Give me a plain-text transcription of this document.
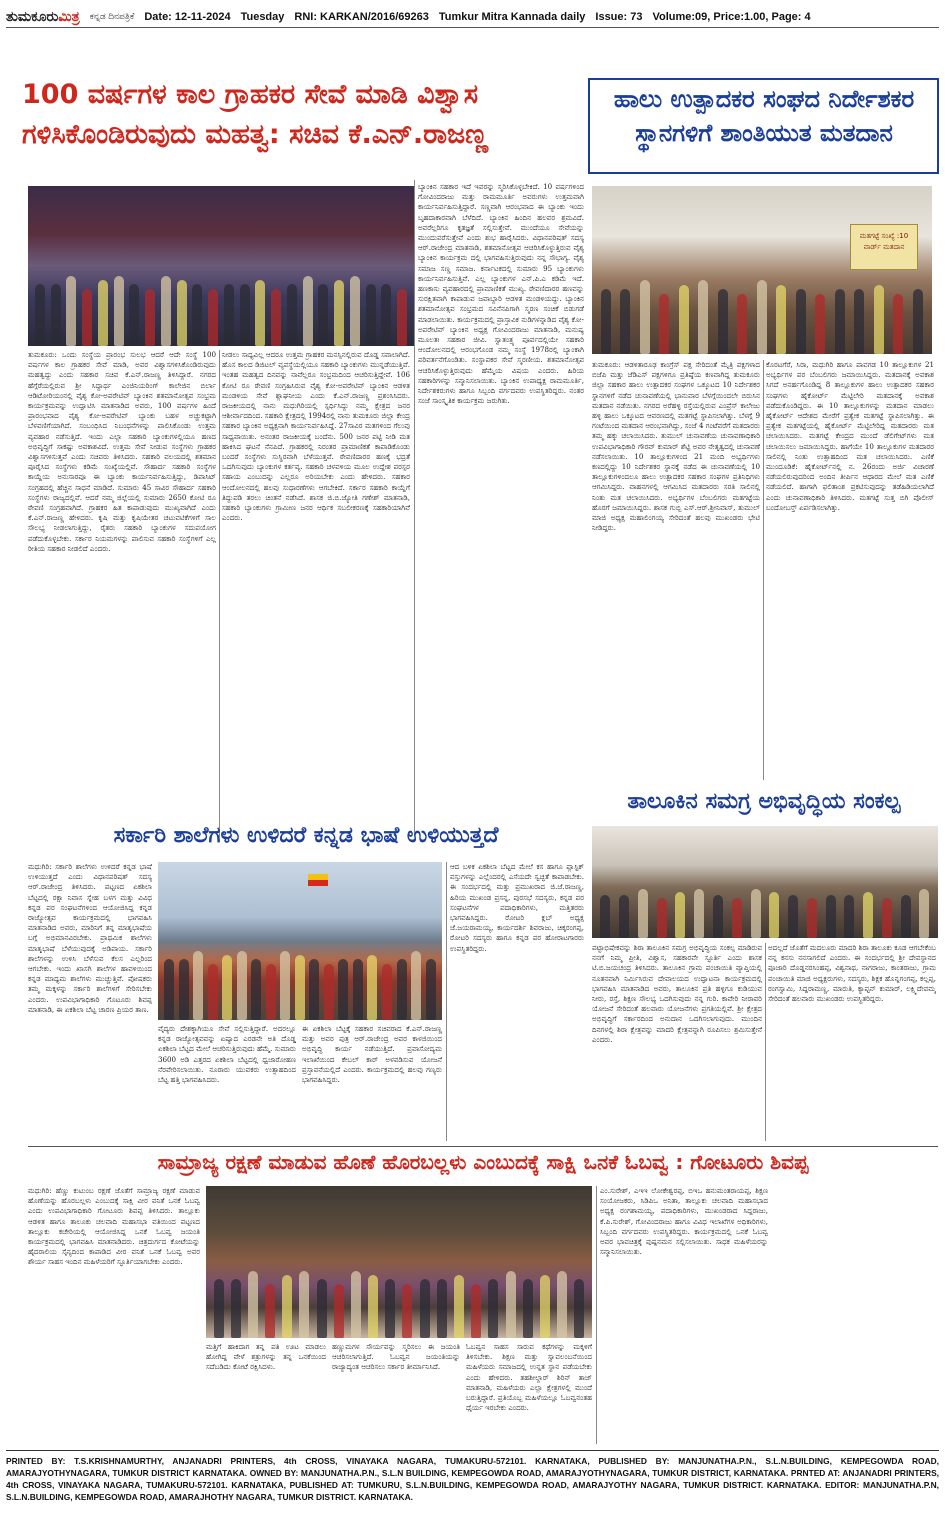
ತುಮಕೂರುಮಿತ್ರ ಕನ್ನಡ ದಿನಪತ್ರಿಕೆ Date: 12-11-2024 Tuesday RNI: KARKAN/2016/69263 Tumkur Mitra Kannada daily Issue: 73 Volume:09, Price:1.00, Page: 4
100 ವರ್ಷಗಳ ಕಾಲ ಗ್ರಾಹಕರ ಸೇವೆ ಮಾಡಿ ವಿಶ್ವಾಸ
ಗಳಿಸಿಕೊಂಡಿರುವುದು ಮಹತ್ವ: ಸಚಿವ ಕೆ.ಎನ್.ರಾಜಣ್ಣ
ಹಾಲು ಉತ್ಪಾದಕರ ಸಂಘದ ನಿರ್ದೇಶಕರ
ಸ್ಥಾನಗಳಿಗೆ ಶಾಂತಿಯುತ ಮತದಾನ
ತುಮಕೂರು: ಒಂದು ಸಂಸ್ಥೆಯ ಪ್ರಾರಂಭ ಸುಲಭ ಆದರೆ ಆದೇ ಸಂಸ್ಥೆ 100 ವರ್ಷಗಳ ಕಾಲ ಗ್ರಾಹಕರ ಸೇವೆ ಮಾಡಿ, ಅವರ ವಿಶ್ವಾಸಗಳಿಸಿಕೊಂಡಿರುವುದು ಮಹತ್ವದ್ದು ಎಂದು ಸಹಕಾರ ಸಚಿವ ಕೆ.ಎನ್.ರಾಜಣ್ಣ ತಿಳಿಸಿದ್ದಾರೆ. ನಗರದ ಹೆಗ್ಗೆರೆಯಲ್ಲಿರುವ ಶ್ರೀ ಸಿದ್ದಾರ್ಥ ಎಂಜಿನಿಯರಿಂಗ್ ಕಾಲೇಜಿನ ಬಿರ್ಲಾ ಆಡಿಟೋರಿಯಂನಲ್ಲಿ ವೈಶ್ಯ ಕೋ-ಅಪರೇಟಿವ್ ಬ್ಯಾಂಕಿನ ಶತಮಾನೋತ್ಸವ ಸಂಭ್ರಮ ಕಾರ್ಯಕ್ರಮವನ್ನು ಉದ್ಘಾಟಿಸಿ ಮಾತನಾಡಿದ ಅವರು, 100 ವರ್ಷಗಳ ಹಿಂದೆ ಪ್ರಾರಂಭವಾದ ವೈಶ್ಯ ಕೋ-ಅಪರೇಟಿವ್ ಬ್ಯಾಂಕು ಬಹಳ ಅಚ್ಚುಕಟ್ಟಾಗಿ ಬೆಳವಣಿಗೆಯಾಗಿದೆ. ಸಂಬಂಧಿಸಿದ ನಿಬಂಧನೆಗಳನ್ನು ಪಾಲಿಸಿಕೊಂಡು ಉತ್ತಮ ವ್ಯವಹಾರ ನಡೆಸುತ್ತಿದೆ. ಇಂದು ಎಲ್ಲಾ ಸಹಕಾರಿ ಬ್ಯಾಂಕುಗಳಲ್ಲಿಯೂ ಹಣದ ಅಭಿವೃದ್ಧಿಗೆ ಸಾಕಷ್ಟು ಅವಕಾಶವಿದೆ. ಉತ್ತಮ ಸೇವೆ ನೀಡುವ ಸಂಸ್ಥೆಗಳು ಗ್ರಾಹಕರ ವಿಶ್ವಾಸಗಳಿಸುತ್ತವೆ ಎಂದು ಸಚಿವರು ತಿಳಿಸಿದರು. ಸಹಕಾರಿ ವಲಯದಲ್ಲಿ ಶತಮಾನ ಪೂರೈಸಿದ ಸಂಸ್ಥೆಗಳು ಕಡಿಮೆ ಸಂಖ್ಯೆಯಲ್ಲಿವೆ. ಸೌಹಾರ್ದ ಸಹಕಾರಿ ಸಂಸ್ಥೆಗಳ ಕಾಯ್ದೆಯ ಅನುಸಾರವೂ ಈ ಬ್ಯಾಂಕು ಕಾರ್ಯನಿರ್ವಹಿಸುತ್ತಿದ್ದು, ಡಿಪಾಸಿಟ್ ಸಂಗ್ರಹದಲ್ಲಿ ಹೆಚ್ಚಿನ ಸಾಧನೆ ಮಾಡಿದೆ. ಸುಮಾರು 45 ಸಾವಿರ ಸೌಹಾರ್ದ ಸಹಕಾರಿ ಸಂಸ್ಥೆಗಳು ರಾಜ್ಯದಲ್ಲಿವೆ. ಆದರೆ ನಮ್ಮ ಜಿಲ್ಲೆಯಲ್ಲಿ ಸುಮಾರು 2650 ಕೋಟಿ ರೂ ಠೇವಣಿ ಸಂಗ್ರಹವಾಗಿದೆ. ಗ್ರಾಹಕರ ಹಿತ ಕಾಪಾಡುವುದು ಮುಖ್ಯವಾಗಿದೆ ಎಂದು ಕೆ.ಎನ್.ರಾಜಣ್ಣ ಹೇಳಿದರು. ಕೃಷಿ ಮತ್ತು ಕೃಷಿಯೇತರ ಚಟುವಟಿಕೆಗಳಿಗೆ ಸಾಲ ಸೌಲಭ್ಯ ನೀಡಲಾಗುತ್ತಿದ್ದು, ರೈತರು ಸಹಕಾರಿ ಬ್ಯಾಂಕುಗಳ ಸದುಪಯೋಗ ಪಡೆದುಕೊಳ್ಳಬೇಕು. ಸರ್ಕಾರ ನಿಯಮಗಳನ್ನು ಪಾಲಿಸುವ ಸಹಕಾರಿ ಸಂಸ್ಥೆಗಳಿಗೆ ಎಲ್ಲ ರೀತಿಯ ಸಹಕಾರ ನೀಡಲಿದೆ ಎಂದರು.
ನೀಡಲು ಸಾಧ್ಯವಿಲ್ಲ ಆದರೂ ಉತ್ತಮ ಗ್ರಾಹಕರ ಮನಸ್ಸಿನಲ್ಲಿರುವ ದೊಡ್ಡ ಸವಾಲಾಗಿದೆ. ಹೊಸ ಕಾಲದ ಡಿಜಿಟಲ್ ವ್ಯವಸ್ಥೆಯಲ್ಲಿಯೂ ಸಹಕಾರಿ ಬ್ಯಾಂಕುಗಳು ಮುನ್ನಡೆಯುತ್ತಿವೆ. ಇಂತಹ ಮಹತ್ವದ ದಿನವನ್ನು ನಾವೆಲ್ಲರೂ ಸಂಭ್ರಮದಿಂದ ಆಚರಿಸುತ್ತಿದ್ದೇವೆ. 106 ಕೋಟಿ ರೂ ಠೇವಣಿ ಸಂಗ್ರಹಿಸಿರುವ ವೈಶ್ಯ ಕೋ-ಅಪರೇಟಿವ್ ಬ್ಯಾಂಕಿನ ಆಡಳಿತ ಮಂಡಳಿಯ ಸೇವೆ ಶ್ಲಾಘನೀಯ ಎಂದು ಕೆ.ಎನ್.ರಾಜಣ್ಣ ಪ್ರಶಂಸಿಸಿದರು. ರಾಜಕೀಯದಲ್ಲಿ ನಾನು ಮಧುಗಿರಿಯಲ್ಲಿ ಸ್ಪರ್ಧಿಸಿದ್ದು ನಮ್ಮ ಕ್ಷೇತ್ರದ ಜನರ ಆಶೀರ್ವಾದದಿಂದ. ಸಹಕಾರಿ ಕ್ಷೇತ್ರದಲ್ಲಿ 1994ರಲ್ಲಿ ನಾನು ತುಮಕೂರು ಜಿಲ್ಲಾ ಕೇಂದ್ರ ಸಹಕಾರ ಬ್ಯಾಂಕಿನ ಅಧ್ಯಕ್ಷನಾಗಿ ಕಾರ್ಯನಿರ್ವಹಿಸಿದ್ದೆ. 27ಸಾವಿರ ಮತಗಳಿಂದ ಗೆಲುವು ಸಾಧ್ಯವಾಯಿತು. ಅನಂತರ ರಾಜಕೀಯಕ್ಕೆ ಬಂದೆನು. 500 ಜನರ ಪಟ್ಟಿ ನೀಡಿ ಮತ ಹಾಕಿಸಿದ ಘಟನೆ ನೆನಪಿದೆ. ಗ್ರಾಹಕರಲ್ಲಿ ನಿರಂತರ ಪ್ರಾಮಾಣಿಕತೆ ಕಾಪಾಡಿಕೊಂಡು ಬಂದರೆ ಸಂಸ್ಥೆಗಳು ಸುಸ್ಥಿರವಾಗಿ ಬೆಳೆಯುತ್ತವೆ. ಠೇವಣಿದಾರರ ಹಣಕ್ಕೆ ಭದ್ರತೆ ಒದಗಿಸುವುದು ಬ್ಯಾಂಕುಗಳ ಕರ್ತವ್ಯ. ಸಹಕಾರಿ ಚಳವಳಿಯ ಮೂಲ ಉದ್ದೇಶ ಪರಸ್ಪರ ಸಹಾಯ ಎಂಬುದನ್ನು ಎಲ್ಲರೂ ಅರಿಯಬೇಕು ಎಂದು ಹೇಳಿದರು. ಸಹಕಾರ ಆಂದೋಲನದಲ್ಲಿ ಹಲವು ಸುಧಾರಣೆಗಳು ಆಗಬೇಕಿದೆ. ಸರ್ಕಾರ ಸಹಕಾರಿ ಕಾಯ್ದೆಗೆ ತಿದ್ದುಪಡಿ ತರಲು ಚಿಂತನೆ ನಡೆಸಿದೆ. ಶಾಸಕ ಜಿ.ಬಿ.ಜ್ಯೋತಿ ಗಣೇಶ್ ಮಾತನಾಡಿ, ಸಹಕಾರಿ ಬ್ಯಾಂಕುಗಳು ಗ್ರಾಮೀಣ ಜನರ ಆರ್ಥಿಕ ಸಬಲೀಕರಣಕ್ಕೆ ಸಹಕಾರಿಯಾಗಿವೆ ಎಂದರು.
ಬ್ಯಾಂಕಿನ ಸಹಕಾರ ಇದೆ ಇವರನ್ನು ಸ್ಮರಿಸಿಕೊಳ್ಳಬೇಕಿದೆ. 10 ವರ್ಷಗಳಿಂದ ಗೋವಿಂದರಾಜು ಮತ್ತು ರಾಮಮೂರ್ತಿ ಅವರುಗಳು ಉತ್ತಮವಾಗಿ ಕಾರ್ಯನಿರ್ವಹಿಸುತ್ತಿದ್ದಾರೆ. ಸಣ್ಣವಾಗಿ ಆರಂಭವಾದ ಈ ಬ್ಯಾಂಕು ಇಂದು ಬೃಹದಾಕಾರವಾಗಿ ಬೆಳೆದಿದೆ. ಬ್ಯಾಂಕಿನ ಹಿಂದಿನ ಹಲವರ ಶ್ರಮವಿದೆ. ಅವರೆಲ್ಲರಿಗೂ ಕೃತಜ್ಞತೆ ಸಲ್ಲಿಸುತ್ತೇವೆ. ಮುಂದೆಯೂ ಸೇವೆಯನ್ನು ಮುಂದುವರೆಸುತ್ತೇವೆ ಎಂದು ಶುಭ ಹಾರೈಸಿದರು. ವಿಧಾನಪರಿಷತ್ ಸದಸ್ಯ ಆರ್.ರಾಜೇಂದ್ರ ಮಾತನಾಡಿ, ಶತಮಾನೋತ್ಸವ ಆಚರಿಸಿಕೊಳ್ಳುತ್ತಿರುವ ವೈಶ್ಯ ಬ್ಯಾಂಕಿನ ಕಾರ್ಯಕ್ರಮ ದಲ್ಲಿ ಭಾಗವಹಿಸುತ್ತಿರುವುದು ನನ್ನ ಸೌಭಾಗ್ಯ. ವೈಶ್ಯ ಸಮಾಜ ಸಣ್ಣ ಸಮಾಜ. ಕರ್ನಾಟಕದಲ್ಲಿ ಸುಮಾರು 95 ಬ್ಯಾಂಕುಗಳು ಕಾರ್ಯನಿರ್ವಹಿಸುತ್ತಿವೆ. ಎಲ್ಲ ಬ್ಯಾಂಕುಗಳ ಎನ್.ಪಿ.ಎ ಕಡಿಮೆ ಇದೆ. ಹಣಕಾಸು ವ್ಯವಹಾರದಲ್ಲಿ ಪ್ರಾಮಾಣಿಕತೆ ಮುಖ್ಯ. ಠೇವಣಿದಾರರ ಹಣವನ್ನು ಸುರಕ್ಷಿತವಾಗಿ ಕಾಪಾಡುವ ಜವಾಬ್ದಾರಿ ಆಡಳಿತ ಮಂಡಳಿಯದ್ದು. ಬ್ಯಾಂಕಿನ ಶತಮಾನೋತ್ಸವ ಸಂಭ್ರಮದ ಸವಿನೆನಪಿಗಾಗಿ ಸ್ಮರಣ ಸಂಚಿಕೆ ಬಿಡುಗಡೆ ಮಾಡಲಾಯಿತು. ಕಾರ್ಯಕ್ರಮದಲ್ಲಿ ಪ್ರಾಸ್ತಾವಿಕ ನುಡಿಗಳನ್ನಾಡಿದ ವೈಶ್ಯ ಕೋ-ಅಪರೇಟಿವ್ ಬ್ಯಾಂಕಿನ ಅಧ್ಯಕ್ಷ ಗೋವಿಂದರಾಜು ಮಾತನಾಡಿ, ಮನುಷ್ಯ ಮೂಲತಃ ಸಹಕಾರ ಜೀವಿ. ಸ್ವಾತಂತ್ರ್ಯ ಪೂರ್ವದಲ್ಲಿಯೇ ಸಹಕಾರಿ ಆಂದೋಲನದಲ್ಲಿ ಆರಂಭಗೊಂಡ ನಮ್ಮ ಸಂಸ್ಥೆ 1978ರಲ್ಲಿ ಬ್ಯಾಂಕಾಗಿ ಪರಿವರ್ತನೆಗೊಂಡಿತು. ಸಂಸ್ಥಾಪಕರ ಸೇವೆ ಸ್ಮರಣೀಯ. ಶತಮಾನೋತ್ಸವ ಆಚರಿಸಿಕೊಳ್ಳುತ್ತಿರುವುದು ಹೆಮ್ಮೆಯ ವಿಷಯ ಎಂದರು. ಹಿರಿಯ ಸಹಕಾರಿಗಳನ್ನು ಸನ್ಮಾನಿಸಲಾಯಿತು. ಬ್ಯಾಂಕಿನ ಉಪಾಧ್ಯಕ್ಷ ರಾಮಮೂರ್ತಿ, ನಿರ್ದೇಶಕರುಗಳು ಹಾಗೂ ಸಿಬ್ಬಂದಿ ವರ್ಗದವರು ಉಪಸ್ಥಿತರಿದ್ದರು. ನಂತರ ಸಂಜೆ ಸಾಂಸ್ಕೃತಿಕ ಕಾರ್ಯಕ್ರಮ ಜರುಗಿತು.
ಮತಗಟ್ಟೆ ಸಂಖ್ಯೆ :10
ವಾರ್ಡ್ ಮತದಾನ
ತುಮಕೂರು: ಆಡಳಿತಾರೂಢ ಕಾಂಗ್ರೆಸ್ ಪಕ್ಷ ಸೇರಿದಂತೆ ಮೈತ್ರಿ ಪಕ್ಷಗಳಾದ ಬಿಜೆಪಿ ಮತ್ತು ಜೆಡಿಎಸ್ ಪಕ್ಷಗಳಿಗೂ ಪ್ರತಿಷ್ಠೆಯ ಕಣವಾಗಿದ್ದ ತುಮಕೂರು ಜಿಲ್ಲಾ ಸಹಕಾರ ಹಾಲು ಉತ್ಪಾದಕರ ಸಂಘಗಳ ಒಕ್ಕೂಟದ 10 ನಿರ್ದೇಶಕರ ಸ್ಥಾನಗಳಿಗೆ ನಡೆದ ಚುನಾವಣೆಯಲ್ಲಿ ಭಾನುವಾರ ಬೆಳಗ್ಗೆಯಿಂದಲೇ ಬಿರುಸಿನ ಮತದಾನ ನಡೆಯಿತು. ನಗರದ ಅರೆಹಳ್ಳಿ ರಸ್ತೆಯಲ್ಲಿರುವ ಎಂಪ್ರೆಸ್ ಕಾಲೇಜು ಹಳ್ಳಿ ಹಾಲು ಒಕ್ಕೂಟದ ಆವರಣದಲ್ಲಿ ಮತಗಟ್ಟೆ ಸ್ಥಾಪಿಸಲಾಗಿತ್ತು. ಬೆಳಗ್ಗೆ 9 ಗಂಟೆಯಿಂದ ಮತದಾನ ಆರಂಭವಾಗಿದ್ದು, ಸಂಜೆ 4 ಗಂಟೆವರೆಗೆ ಮತದಾರರು ತಮ್ಮ ಹಕ್ಕು ಚಲಾಯಿಸಿದರು. ತುಮುಲ್ ಚುನಾವಣೆಯ ಚುನಾವಣಾಧಿಕಾರಿ ಉಪವಿಭಾಗಾಧಿಕಾರಿ ಗೌರವ್ ಕುಮಾರ್ ಶೆಟ್ಟಿ ಅವರ ನೇತೃತ್ವದಲ್ಲಿ ಚುನಾವಣೆ ನಡೆಸಲಾಯಿತು. 10 ತಾಲ್ಲೂಕುಗಳಿಂದ 21 ಮಂದಿ ಅಭ್ಯರ್ಥಿಗಳು ಕಣದಲ್ಲಿದ್ದು 10 ನಿರ್ದೇಶಕರ ಸ್ಥಾನಕ್ಕೆ ನಡೆದ ಈ ಚುನಾವಣೆಯಲ್ಲಿ 10 ತಾಲ್ಲೂಕುಗಳಿಂದಲೂ ಹಾಲು ಉತ್ಪಾದಕರ ಸಹಕಾರ ಸಂಘಗಳ ಪ್ರತಿನಿಧಿಗಳು ಆಗಮಿಸಿದ್ದರು. ವಾಹನಗಳಲ್ಲಿ ಆಗಮಿಸಿದ ಮತದಾರರು ಸರತಿ ಸಾಲಿನಲ್ಲಿ ನಿಂತು ಮತ ಚಲಾಯಿಸಿದರು. ಅಭ್ಯರ್ಥಿಗಳ ಬೆಂಬಲಿಗರು ಮತಗಟ್ಟೆಯ ಹೊರಗೆ ಜಮಾಯಿಸಿದ್ದರು. ಶಾಸಕ ಗುಬ್ಬಿ ಎಸ್.ಆರ್.ಶ್ರೀನಿವಾಸ್, ತುಮುಲ್ ಮಾಜಿ ಅಧ್ಯಕ್ಷ ಮಹಾಲಿಂಗಯ್ಯ ಸೇರಿದಂತೆ ಹಲವು ಮುಖಂಡರು ಭೇಟಿ ನೀಡಿದ್ದರು.
ಕೊರಟಗೆರೆ, ಸಿರಾ, ಮಧುಗಿರಿ ಹಾಗೂ ಪಾವಗಡ 10 ತಾಲ್ಲೂಕುಗಳ 21 ಅಭ್ಯರ್ಥಿಗಳ ಪರ ಬೆಂಬಲಿಗರು ಜಮಾಯಿಸಿದ್ದರು. ಮತದಾನಕ್ಕೆ ಅವಕಾಶ ಸಿಗದೆ ಅನರ್ಹಗೊಂಡಿದ್ದ 8 ತಾಲ್ಲೂಕುಗಳ ಹಾಲು ಉತ್ಪಾದಕರ ಸಹಕಾರ ಸಂಘಗಳು ಹೈಕೋರ್ಟ್ ಮೆಟ್ಟಿಲೇರಿ ಮತದಾನಕ್ಕೆ ಅವಕಾಶ ಪಡೆದುಕೊಂಡಿದ್ದರು. ಈ 10 ತಾಲ್ಲೂಕುಗಳನ್ನು ಮತದಾನ ಮಾಡಲು ಹೈಕೋರ್ಟ್ ಆದೇಶದ ಮೇರೆಗೆ ಪ್ರತ್ಯೇಕ ಮತಗಟ್ಟೆ ಸ್ಥಾಪಿಸಲಾಗಿತ್ತು. ಈ ಪ್ರತ್ಯೇಕ ಮತಗಟ್ಟೆಯಲ್ಲಿ ಹೈಕೋರ್ಟ್ ಮೆಟ್ಟಿಲೇರಿದ್ದ ಮತದಾರರು ಮತ ಚಲಾಯಿಸಿದರು. ಮತಗಟ್ಟೆ ಕೇಂದ್ರದ ಮುಂದೆ ಡೆಲಿಗೇಟ್‌ಗಳು ಮತ ಚಲಾಯಿಸಲು ಜಮಾಯಿಸಿದ್ದರು. ಹಾಗೆಯೇ 10 ತಾಲ್ಲೂಕುಗಳ ಮತದಾರರ ಸಾಲಿನಲ್ಲಿ ನಿಂತು ಉತ್ಸಾಹದಿಂದ ಮತ ಚಲಾಯಿಸಿದರು. ಎಣಿಕೆ ಮುಂದೂಡಿಕೆ: ಹೈಕೋರ್ಟ್‌ನಲ್ಲಿ ನ. 26ರಂದು ಅರ್ಜಿ ವಿಚಾರಣೆ ನಡೆಯಲಿರುವುದರಿಂದ ಅಂದಿನ ತೀರ್ಪಿನ ಆಧಾರದ ಮೇಲೆ ಮತ ಎಣಿಕೆ ನಡೆಯಲಿದೆ. ಹಾಗಾಗಿ ಫಲಿತಾಂಶ ಪ್ರಕಟಿಸುವುದನ್ನು ತಡೆಹಿಡಿಯಲಾಗಿದೆ ಎಂದು ಚುನಾವಣಾಧಿಕಾರಿ ತಿಳಿಸಿದರು. ಮತಗಟ್ಟೆ ಸುತ್ತ ಬಿಗಿ ಪೊಲೀಸ್ ಬಂದೋಬಸ್ತ್ ಏರ್ಪಡಿಸಲಾಗಿತ್ತು.
ತಾಲೂಕಿನ ಸಮಗ್ರ ಅಭಿವೃದ್ಧಿಯ ಸಂಕಲ್ಪ
ಪಟ್ಟಾಭಿಷೇಕವನ್ನು ಶಿರಾ ತಾಲೂಕಿನ ಸಮಗ್ರ ಅಭಿವೃದ್ಧಿಯ ಸಂಕಲ್ಪ ಮಾಡಿರುವ ನನಗೆ ನಿಮ್ಮ ಪ್ರೀತಿ, ವಿಶ್ವಾಸ, ಸಹಕಾರವೇ ಸ್ಫೂರ್ತಿ ಎಂದು ಶಾಸಕ ಟಿ.ಬಿ.ಜಯಚಂದ್ರ ತಿಳಿಸಿದರು. ತಾಲೂಕಿನ ಗ್ರಾಮ ಪಂಚಾಯಿತಿ ವ್ಯಾಪ್ತಿಯಲ್ಲಿ ನೂತನವಾಗಿ ನಿರ್ಮಿಸಿರುವ ದೇವಾಲಯದ ಉದ್ಘಾಟನಾ ಕಾರ್ಯಕ್ರಮದಲ್ಲಿ ಭಾಗವಹಿಸಿ ಮಾತನಾಡಿದ ಅವರು, ತಾಲೂಕಿನ ಪ್ರತಿ ಹಳ್ಳಿಗೂ ಕುಡಿಯುವ ನೀರು, ರಸ್ತೆ, ಶಿಕ್ಷಣ ಸೌಲಭ್ಯ ಒದಗಿಸುವುದು ನನ್ನ ಗುರಿ. ಕಾವೇರಿ ನೀರಾವರಿ ಯೋಜನೆ ಸೇರಿದಂತೆ ಹಲವಾರು ಯೋಜನೆಗಳು ಪ್ರಗತಿಯಲ್ಲಿವೆ. ಶ್ರೀ ಕ್ಷೇತ್ರದ ಅಭಿವೃದ್ಧಿಗೆ ಸರ್ಕಾರದಿಂದ ಅನುದಾನ ಒದಗಿಸಲಾಗುವುದು. ಮುಂದಿನ ದಿನಗಳಲ್ಲಿ ಶಿರಾ ಕ್ಷೇತ್ರವನ್ನು ಮಾದರಿ ಕ್ಷೇತ್ರವನ್ನಾಗಿ ರೂಪಿಸಲು ಶ್ರಮಿಸುತ್ತೇನೆ ಎಂದರು.
ಅದಲ್ಲದೆ ಜೊತೆಗೆ ಮದಲೂರು ಮಾದರಿ ಶಿರಾ ತಾಲೂಕು ಕೂಡ ಆಗಬೇಕೆಂಬ ನನ್ನ ಕನಸು ನನಸಾಗಲಿದೆ ಎಂದರು. ಈ ಸಂದರ್ಭದಲ್ಲಿ ಶ್ರೀ ದೇವಸ್ಥಾನದ ಪೂಜಾರಿ ದೊಡ್ಡನರಸಿಂಹಪ್ಪ, ವಿಶ್ವನಾಥ, ನಾಗರಾಜು, ಕಾಂತರಾಜು, ಗ್ರಾಮ ಪಂಚಾಯಿತಿ ಮಾಜಿ ಅಧ್ಯಕ್ಷರುಗಳು, ಸದಸ್ಯರು, ಶಿಕ್ಷಕ ಹೊನ್ನಗಂಗಪ್ಪ, ಕಲ್ಲಪ್ಪ, ರಂಗಸ್ವಾಮಿ, ಸಿದ್ದರಾಮಣ್ಣ, ಮಾರುತಿ, ಕ್ಯಾಪ್ಟನ್ ಕುಮಾರ್, ಲಕ್ಷ್ಮಿದೇವಮ್ಮ ಸೇರಿದಂತೆ ಹಲವಾರು ಮುಖಂಡರು ಉಪಸ್ಥಿತರಿದ್ದರು.
ಸರ್ಕಾರಿ ಶಾಲೆಗಳು ಉಳಿದರೆ ಕನ್ನಡ ಭಾಷೆ ಉಳಿಯುತ್ತದೆ
ಮಧುಗಿರಿ: ಸರ್ಕಾರಿ ಶಾಲೆಗಳು ಉಳಿದರೆ ಕನ್ನಡ ಭಾಷೆ ಉಳಿಯುತ್ತದೆ ಎಂದು ವಿಧಾನಪರಿಷತ್ ಸದಸ್ಯ ಆರ್.ರಾಜೇಂದ್ರ ತಿಳಿಸಿದರು. ಪಟ್ಟಣದ ಏಕಶಿಲಾ ಬೆಟ್ಟದಲ್ಲಿ ರಕ್ಷಾ ನಿವಾಸ ಸ್ನೇಹ ಬಳಗ ಮತ್ತು ವಿವಿಧ ಕನ್ನಡ ಪರ ಸಂಘಟನೆಗಳಿಂದ ಆಯೋಜಿಸಿದ್ದ ಕನ್ನಡ ರಾಜ್ಯೋತ್ಸವ ಕಾರ್ಯಕ್ರಮದಲ್ಲಿ ಭಾಗವಹಿಸಿ ಮಾತನಾಡಿದ ಅವರು, ಮಾರಿನಿಗೆ ತನ್ನ ಮಾತೃಭಾಷೆಯ ಬಗ್ಗೆ ಅಭಿಮಾನವಿರಬೇಕು. ಪ್ರಾಥಮಿಕ ಶಾಲೆಗಳು ಮಾತೃಭಾಷೆ ಬೆಳೆಯುವುದಕ್ಕೆ ಅಡಿಪಾಯ. ಸರ್ಕಾರಿ ಶಾಲೆಗಳನ್ನು ಉಳಿಸಿ ಬೆಳೆಸುವ ಕೆಲಸ ಎಲ್ಲರಿಂದ ಆಗಬೇಕು. ಇಂದು ಖಾಸಗಿ ಶಾಲೆಗಳ ಹಾವಳಿಯಿಂದ ಕನ್ನಡ ಮಾಧ್ಯಮ ಶಾಲೆಗಳು ಮುಚ್ಚುತ್ತಿವೆ. ಪೋಷಕರು ತಮ್ಮ ಮಕ್ಕಳನ್ನು ಸರ್ಕಾರಿ ಶಾಲೆಗಳಿಗೆ ಸೇರಿಸಬೇಕು ಎಂದರು. ಉಪವಿಭಾಗಾಧಿಕಾರಿ ಗೊಟೂರು ಶಿವಪ್ಪ ಮಾತನಾಡಿ, ಈ ಏಕಶಿಲಾ ಬೆಟ್ಟ ಚಾರಣ ಪ್ರಿಯರ ತಾಣ.
ವೈದ್ಯರು ದೇಶಕ್ಕಾಗಿಯೂ ಸೇವೆ ಸಲ್ಲಿಸುತ್ತಿದ್ದಾರೆ. ಅದರಲ್ಲೂ ಕನ್ನಡ ರಾಜ್ಯೋತ್ಸವವನ್ನು ಏಷ್ಯಾದ ಎರಡನೇ ಅತಿ ದೊಡ್ಡ ಏಕಶಿಲಾ ಬೆಟ್ಟದ ಮೇಲೆ ಆಚರಿಸುತ್ತಿರುವುದು ಹೆಮ್ಮೆ. ಸುಮಾರು 3600 ಅಡಿ ಎತ್ತರದ ಏಕಶಿಲಾ ಬೆಟ್ಟದಲ್ಲಿ ಧ್ವಜಾರೋಹಣ ನೆರವೇರಿಸಲಾಯಿತು. ನೂರಾರು ಯುವಕರು ಉತ್ಸಾಹದಿಂದ ಬೆಟ್ಟ ಹತ್ತಿ ಭಾಗವಹಿಸಿದರು.
ಈ ಏಕಶಿಲಾ ಬೆಟ್ಟಕ್ಕೆ ಸಹಕಾರ ಸಚಿವರಾದ ಕೆ.ಎನ್.ರಾಜಣ್ಣ ಮತ್ತು ಅವರ ಪುತ್ರ ಆರ್.ರಾಜೇಂದ್ರ ಅವರ ಕಾಳಜಿಯಿಂದ ಅಭಿವೃದ್ಧಿ ಕಾರ್ಯ ನಡೆಯುತ್ತಿದೆ. ಪ್ರವಾಸೋದ್ಯಮ ಇಲಾಖೆಯಿಂದ ಕೇಬಲ್ ಕಾರ್ ಅಳವಡಿಸುವ ಯೋಜನೆ ಪ್ರಸ್ತಾವನೆಯಲ್ಲಿದೆ ಎಂದರು. ಕಾರ್ಯಕ್ರಮದಲ್ಲಿ ಹಲವು ಗಣ್ಯರು ಭಾಗವಹಿಸಿದ್ದರು.
ಆದ ಬಳಿಕ ಏಕಶಿಲಾ ಬೆಟ್ಟದ ಮೇಲೆ ಕಸ ಹಾಗೂ ಪ್ಲಾಸ್ಟಿಕ್ ವಸ್ತುಗಳನ್ನು ಎಲ್ಲೆಂದರಲ್ಲಿ ಎಸೆಯದೇ ಸ್ವಚ್ಛತೆ ಕಾಪಾಡಬೇಕು. ಈ ಸಂದರ್ಭದಲ್ಲಿ ಮತ್ತು ಪ್ರಮುಖರಾದ ಜಿ.ಜೆ.ರಾಜಣ್ಣ, ಹಿರಿಯ ಮುಖಂಡ ಪ್ರಸನ್ನ, ಪುರಸಭೆ ಸದಸ್ಯರು, ಕನ್ನಡ ಪರ ಸಂಘಟನೆಗಳ ಪದಾಧಿಕಾರಿಗಳು, ಮತ್ತಿತರರು ಭಾಗವಹಿಸಿದ್ದರು. ರೋಟರಿ ಕ್ಲಬ್ ಅಧ್ಯಕ್ಷ ಜೆ.ಜಯರಾಮಯ್ಯ, ಕಾರ್ಯದರ್ಶಿ ಶಿವರಾಜು, ಚಿಕ್ಕರಂಗಪ್ಪ, ರೋಟರಿ ಸದಸ್ಯರು ಹಾಗೂ ಕನ್ನಡ ಪರ ಹೋರಾಟಗಾರರು ಉಪಸ್ಥಿತರಿದ್ದರು.
ಸಾಮ್ರಾಜ್ಯ ರಕ್ಷಣೆ ಮಾಡುವ ಹೊಣೆ ಹೊರಬಲ್ಲಳು ಎಂಬುದಕ್ಕೆ ಸಾಕ್ಷಿ ಒನಕೆ ಓಬವ್ವ : ಗೋಟೂರು ಶಿವಪ್ಪ
ಮಧುಗಿರಿ: ಹೆಣ್ಣು ಕುಟುಂಬ ರಕ್ಷಣೆ ಜೊತೆಗೆ ಸಾಮ್ರಾಜ್ಯ ರಕ್ಷಣೆ ಮಾಡುವ ಹೊಣೆಯನ್ನು ಹೊರಬಲ್ಲಳು ಎಂಬುದಕ್ಕೆ ಸಾಕ್ಷಿ ವೀರ ವನಿತೆ ಒನಕೆ ಓಬವ್ವ ಎಂದು ಉಪವಿಭಾಗಾಧಿಕಾರಿ ಗೋಟೂರು ಶಿವಪ್ಪ ತಿಳಿಸಿದರು. ತಾಲ್ಲೂಕು ಆಡಳಿತ ಹಾಗೂ ತಾಲೂಕು ಚಲವಾದಿ ಮಹಾಸಭಾ ವತಿಯಿಂದ ಪಟ್ಟಣದ ತಾಲ್ಲೂಕು ಕಚೇರಿಯಲ್ಲಿ ಆಯೋಜಿಸಿದ್ದ ಒನಕೆ ಓಬವ್ವ ಜಯಂತಿ ಕಾರ್ಯಕ್ರಮದಲ್ಲಿ ಭಾಗವಹಿಸಿ ಮಾತನಾಡಿದರು. ಚಿತ್ರದುರ್ಗದ ಕೋಟೆಯನ್ನು ಹೈದರಾಲಿಯ ಸೈನ್ಯದಿಂದ ಕಾಪಾಡಿದ ವೀರ ವನಿತೆ ಒನಕೆ ಓಬವ್ವ ಅವರ ಶೌರ್ಯ ಸಾಹಸ ಇಂದಿನ ಮಹಿಳೆಯರಿಗೆ ಸ್ಫೂರ್ತಿಯಾಗಬೇಕು ಎಂದರು.
ಮತ್ತಿಗೆ ಹಾಕಿದಾಗ ತನ್ನ ಪತಿ ಊಟ ಮಾಡಲು ಹೋಗಿದ್ದ ವೇಳೆ ಶತ್ರುಗಳನ್ನು ತನ್ನ ಒನಕೆಯಿಂದ ಸದೆಬಡಿದು ಕೋಟೆ ರಕ್ಷಿಸಿದಳು.
ಹಣ್ಣುಮಗಳ ಸೌರ್ಯವನ್ನು ಸ್ಮರಿಸಲು ಈ ಜಯಂತಿ ಆಚರಿಸಲಾಗುತ್ತಿದೆ. ಓಬವ್ವನ ಜಯಂತಿಯನ್ನು ರಾಜ್ಯಾದ್ಯಂತ ಆಚರಿಸಲು ಸರ್ಕಾರ ತೀರ್ಮಾನಿಸಿದೆ.
ಓಬವ್ವನ ಸಾಹಸ ಸಾರುವ ಕಥೆಗಳನ್ನು ಮಕ್ಕಳಿಗೆ ತಿಳಿಸಬೇಕು. ಶಿಕ್ಷಣ ಮತ್ತು ಸ್ವಾವಲಂಬನೆಯಿಂದ ಮಹಿಳೆಯರು ಸಮಾಜದಲ್ಲಿ ಉನ್ನತ ಸ್ಥಾನ ಪಡೆಯಬೇಕು ಎಂದು ಹೇಳಿದರು. ತಹಶೀಲ್ದಾರ್ ಶಿರಿನ್ ತಾಜ್ ಮಾತನಾಡಿ, ಮಹಿಳೆಯರು ಎಲ್ಲಾ ಕ್ಷೇತ್ರಗಳಲ್ಲಿ ಮುಂದೆ ಬರುತ್ತಿದ್ದಾರೆ. ಪ್ರತಿಯೊಬ್ಬ ಮಹಿಳೆಯಲ್ಲೂ ಓಬವ್ವನಂತಹ ಧೈರ್ಯ ಇರಬೇಕು ಎಂದರು.
ಎಂ.ಸುರೇಶ್, ಎಇಇ ಲೋಕೇಶ್ವರಪ್ಪ, ಬಿಇಒ ಹನುಮಂತರಾಯಪ್ಪ, ಶಿಕ್ಷಣ ಸಂಯೋಜಕರು, ಸಿಡಿಪಿಒ ಅನಿತಾ, ತಾಲ್ಲೂಕು ಚಲವಾದಿ ಮಹಾಸಭಾದ ಅಧ್ಯಕ್ಷ ರಂಗಶಾಮಯ್ಯ, ಪದಾಧಿಕಾರಿಗಳು, ಮುಖಂಡರಾದ ಸಿದ್ದರಾಜು, ಕೆ.ಪಿ.ಸುರೇಶ್, ಗೋವಿಂದರಾಜು ಹಾಗೂ ವಿವಿಧ ಇಲಾಖೆಗಳ ಅಧಿಕಾರಿಗಳು, ಸಿಬ್ಬಂದಿ ವರ್ಗದವರು ಉಪಸ್ಥಿತರಿದ್ದರು. ಕಾರ್ಯಕ್ರಮದಲ್ಲಿ ಒನಕೆ ಓಬವ್ವ ಅವರ ಭಾವಚಿತ್ರಕ್ಕೆ ಪುಷ್ಪನಮನ ಸಲ್ಲಿಸಲಾಯಿತು. ಸಾಧಕ ಮಹಿಳೆಯರನ್ನು ಸನ್ಮಾನಿಸಲಾಯಿತು.
PRINTED BY: T.S.KRISHNAMURTHY, ANJANADRI PRINTERS, 4th CROSS, VINAYAKA NAGARA, TUMAKURU-572101. KARNATAKA, PUBLISHED BY: MANJUNATHA.P.N., S.L.N.BUILDING, KEMPEGOWDA ROAD, AMARAJYOTHYNAGARA, TUMKUR DISTRICT KARNATAKA. OWNED BY: MANJUNATHA.P.N., S.L.N BUILDING, KEMPEGOWDA ROAD, AMARAJYOTHYNAGARA, TUMKUR DISTRICT, KARNATAKA. PRNTED AT: ANJANADRI PRINTERS, 4th CROSS, VINAYAKA NAGARA, TUMAKURU-572101. KARNATAKA, PUBLISHED AT: TUMKURU, S.L.N.BUILDING, KEMPEGOWDA ROAD, AMARAJYOTHY NAGARA, TUMKUR DISTRICT. KARNATAKA. EDITOR: MANJUNATHA.P.N, S.L.N.BUILDING, KEMPEGOWDA ROAD, AMARAJHOTHY NAGARA, TUMKUR DISTRICT. KARNATAKA.
